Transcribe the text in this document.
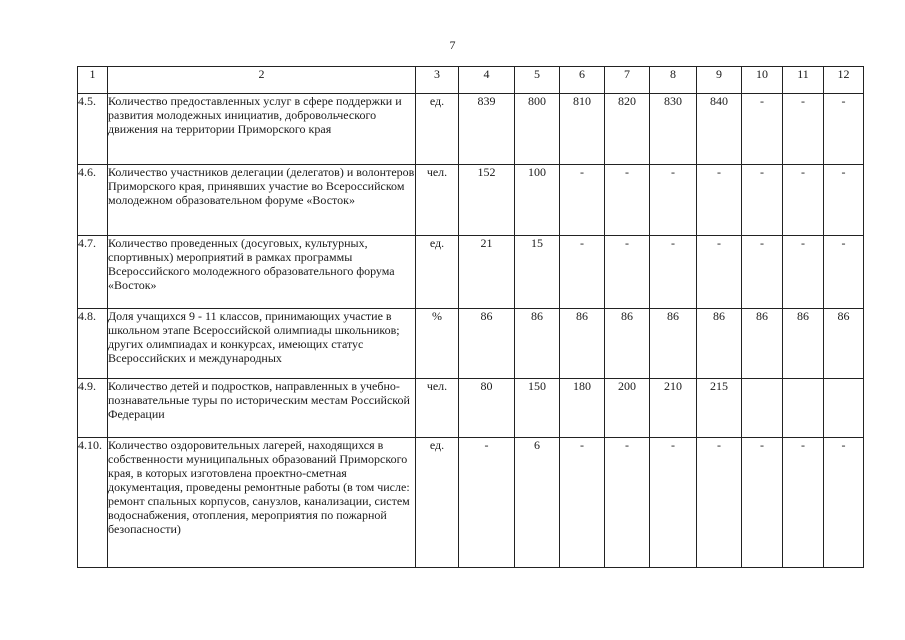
7
1	2	3	4	5	6	7	8	9	10	11	12
4.5.	Количество предоставленных услуг в сфере поддержки и развития молодежных инициатив, добровольческого движения на территории Приморского края	ед.	839	800	810	820	830	840	-	-	-
4.6.	Количество участников делегации (делегатов) и волонтеров Приморского края, принявших участие во Всероссийском молодежном образовательном форуме «Восток»	чел.	152	100	-	-	-	-	-	-	-
4.7.	Количество проведенных (досуговых, культурных, спортивных) мероприятий в рамках программы Всероссийского молодежного образовательного форума «Восток»	ед.	21	15	-	-	-	-	-	-	-
4.8.	Доля учащихся 9 - 11 классов, принимающих участие в школьном этапе Всероссийской олимпиады школьников; других олимпиадах и конкурсах, имеющих статус Всероссийских и международных	%	86	86	86	86	86	86	86	86	86
4.9.	Количество детей и подростков, направленных в учебно-познавательные туры по историческим местам Российской Федерации	чел.	80	150	180	200	210	215			
4.10.	Количество оздоровительных лагерей, находящихся в собственности муниципальных образований Приморского края, в которых изготовлена проектно-сметная документация, проведены ремонтные работы (в том числе: ремонт спальных корпусов, санузлов, канализации, систем водоснабжения, отопления, мероприятия по пожарной безопасности)	ед.	-	6	-	-	-	-	-	-	-
